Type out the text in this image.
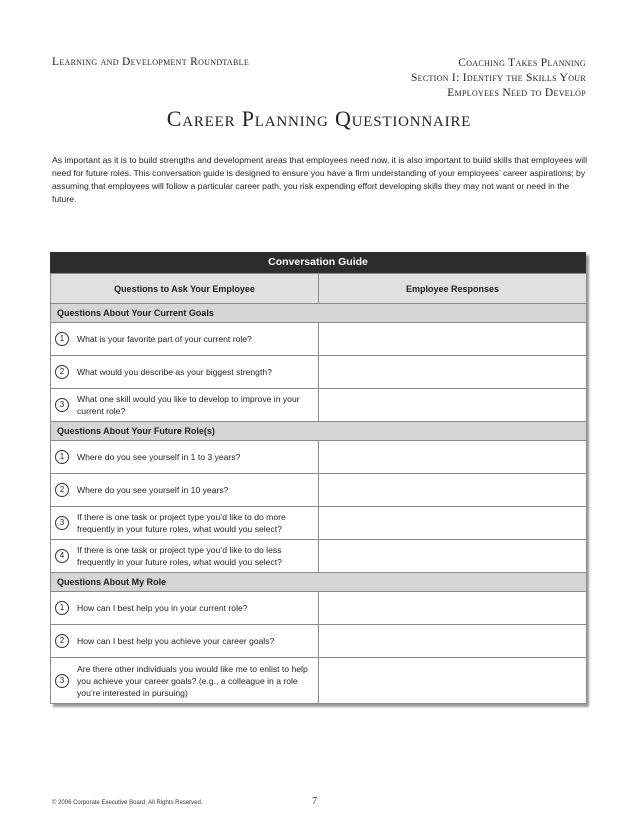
Learning and Development Roundtable	Coaching Takes Planning
Section I: Identify the Skills Your
Employees Need to Develop
Career Planning Questionnaire
As important as it is to build strengths and development areas that employees need now, it is also important to build skills that employees will need for future roles. This conversation guide is designed to ensure you have a firm understanding of your employees’ career aspirations; by assuming that employees will follow a particular career path, you risk expending effort developing skills they may not want or need in the future.
Conversation Guide
Questions to Ask Your Employee	Employee Responses
Questions About Your Current Goals	

1 What is your favorite part of your current role?	

2 What would you describe as your biggest strength?	

3
What one skill would you like to develop to improve in your current role?	

Questions About Your Future Role(s)	

1 Where do you see yourself in 1 to 3 years?	

2 Where do you see yourself in 10 years?	

3
If there is one task or project type you’d like to do more frequently in your future roles, what would you select?	

4
If there is one task or project type you’d like to do less frequently in your future roles, what would you select?	

Questions About My Role	

1 How can I best help you in your current role?	

2 How can I best help you achieve your career goals?	

3
Are there other individuals you would like me to enlist to help you achieve your career goals? (e.g., a colleague in a role you’re interested in pursuing)	

© 2006 Corporate Executive Board. All Rights Reserved.	7
